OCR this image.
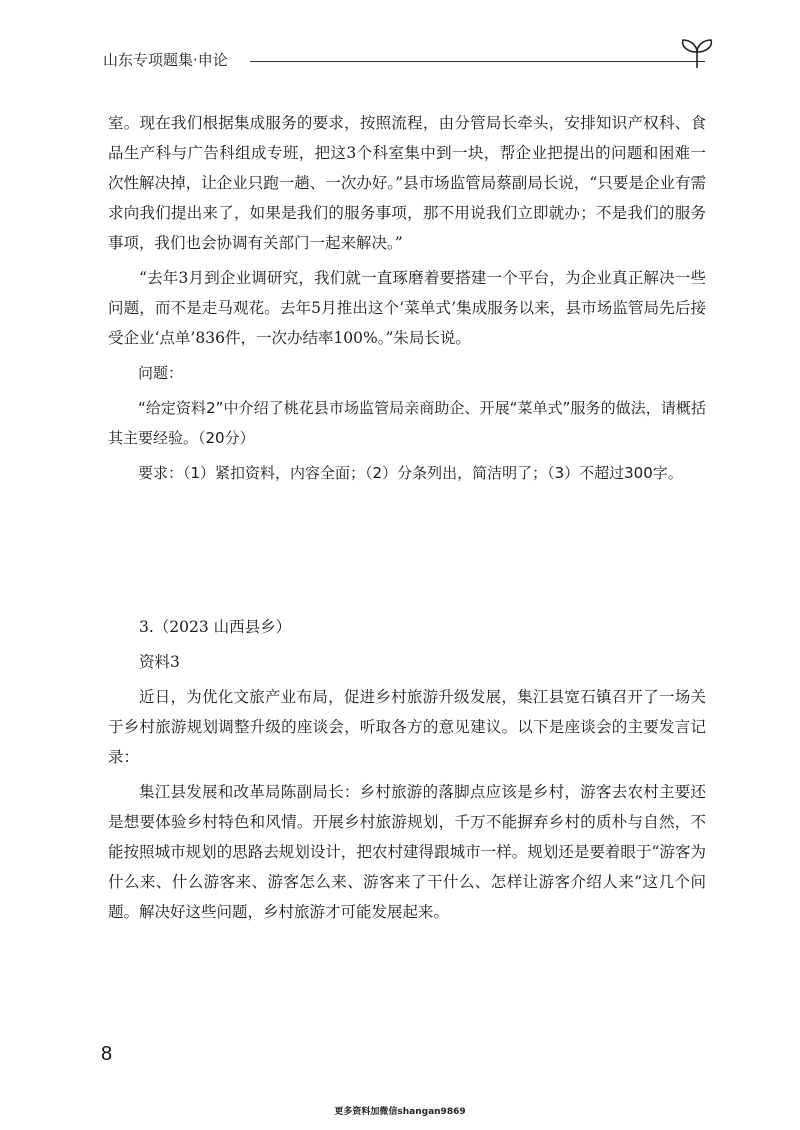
山东专项题集·申论

室。现在我们根据集成服务的要求，按照流程，由分管局长牵头，安排知识产权科、食品生产科与广告科组成专班，把这3个科室集中到一块，帮企业把提出的问题和困难一次性解决掉，让企业只跑一趟、一次办好。”县市场监管局蔡副局长说，“只要是企业有需求向我们提出来了，如果是我们的服务事项，那不用说我们立即就办；不是我们的服务事项，我们也会协调有关部门一起来解决。”

“去年3月到企业调研究，我们就一直琢磨着要搭建一个平台，为企业真正解决一些问题，而不是走马观花。去年5月推出这个‘菜单式’集成服务以来，县市场监管局先后接受企业‘点单’836件，一次办结率100%。”朱局长说。

问题：

“给定资料2”中介绍了桃花县市场监管局亲商助企、开展“菜单式”服务的做法，请概括其主要经验。（20分）

要求：（1）紧扣资料，内容全面；（2）分条列出，简洁明了；（3）不超过300字。

3.（2023 山西县乡）

资料3

近日，为优化文旅产业布局，促进乡村旅游升级发展，集江县宽石镇召开了一场关于乡村旅游规划调整升级的座谈会，听取各方的意见建议。以下是座谈会的主要发言记录：

集江县发展和改革局陈副局长：乡村旅游的落脚点应该是乡村，游客去农村主要还是想要体验乡村特色和风情。开展乡村旅游规划，千万不能摒弃乡村的质朴与自然，不能按照城市规划的思路去规划设计，把农村建得跟城市一样。规划还是要着眼于“游客为什么来、什么游客来、游客怎么来、游客来了干什么、怎样让游客介绍人来”这几个问题。解决好这些问题，乡村旅游才可能发展起来。

8
更多资料加微信shangan9869
